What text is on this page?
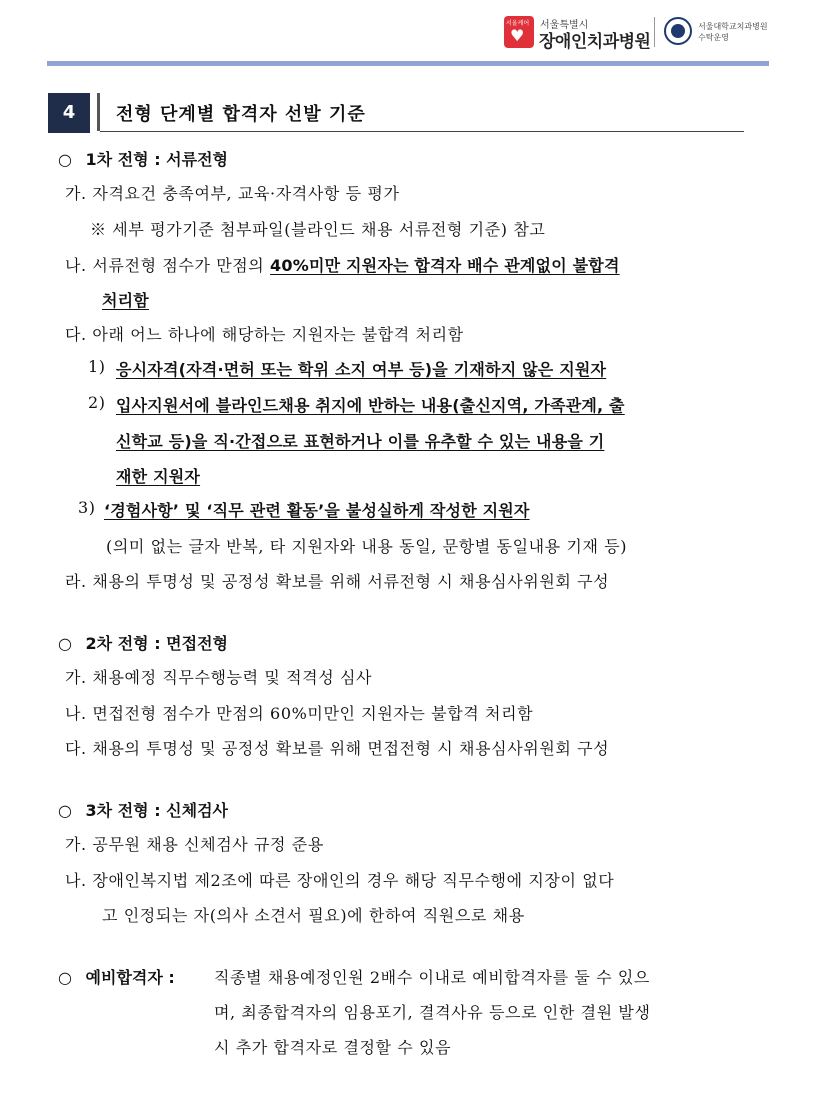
서울케어
♥
서울특별시
장애인치과병원
서울대학교치과병원
수탁운영
4	전형 단계별 합격자 선발 기준
○ 1차 전형 : 서류전형
가. 자격요건 충족여부, 교육·자격사항 등 평가
※ 세부 평가기준 첨부파일(블라인드 채용 서류전형 기준) 참고
나. 서류전형 점수가 만점의 40%미만 지원자는 합격자 배수 관계없이 불합격
처리함
다. 아래 어느 하나에 해당하는 지원자는 불합격 처리함
1) 응시자격(자격·면허 또는 학위 소지 여부 등)을 기재하지 않은 지원자
2) 입사지원서에 블라인드채용 취지에 반하는 내용(출신지역, 가족관계, 출
신학교 등)을 직·간접으로 표현하거나 이를 유추할 수 있는 내용을 기
재한 지원자
3) ‘경험사항’ 및 ‘직무 관련 활동’을 불성실하게 작성한 지원자
(의미 없는 글자 반복, 타 지원자와 내용 동일, 문항별 동일내용 기재 등)
라. 채용의 투명성 및 공정성 확보를 위해 서류전형 시 채용심사위원회 구성
○ 2차 전형 : 면접전형
가. 채용예정 직무수행능력 및 적격성 심사
나. 면접전형 점수가 만점의 60%미만인 지원자는 불합격 처리함
다. 채용의 투명성 및 공정성 확보를 위해 면접전형 시 채용심사위원회 구성
○ 3차 전형 : 신체검사
가. 공무원 채용 신체검사 규정 준용
나. 장애인복지법 제2조에 따른 장애인의 경우 해당 직무수행에 지장이 없다
고 인정되는 자(의사 소견서 필요)에 한하여 직원으로 채용
○ 예비합격자 : 직종별 채용예정인원 2배수 이내로 예비합격자를 둘 수 있으
며, 최종합격자의 임용포기, 결격사유 등으로 인한 결원 발생
시 추가 합격자로 결정할 수 있음
